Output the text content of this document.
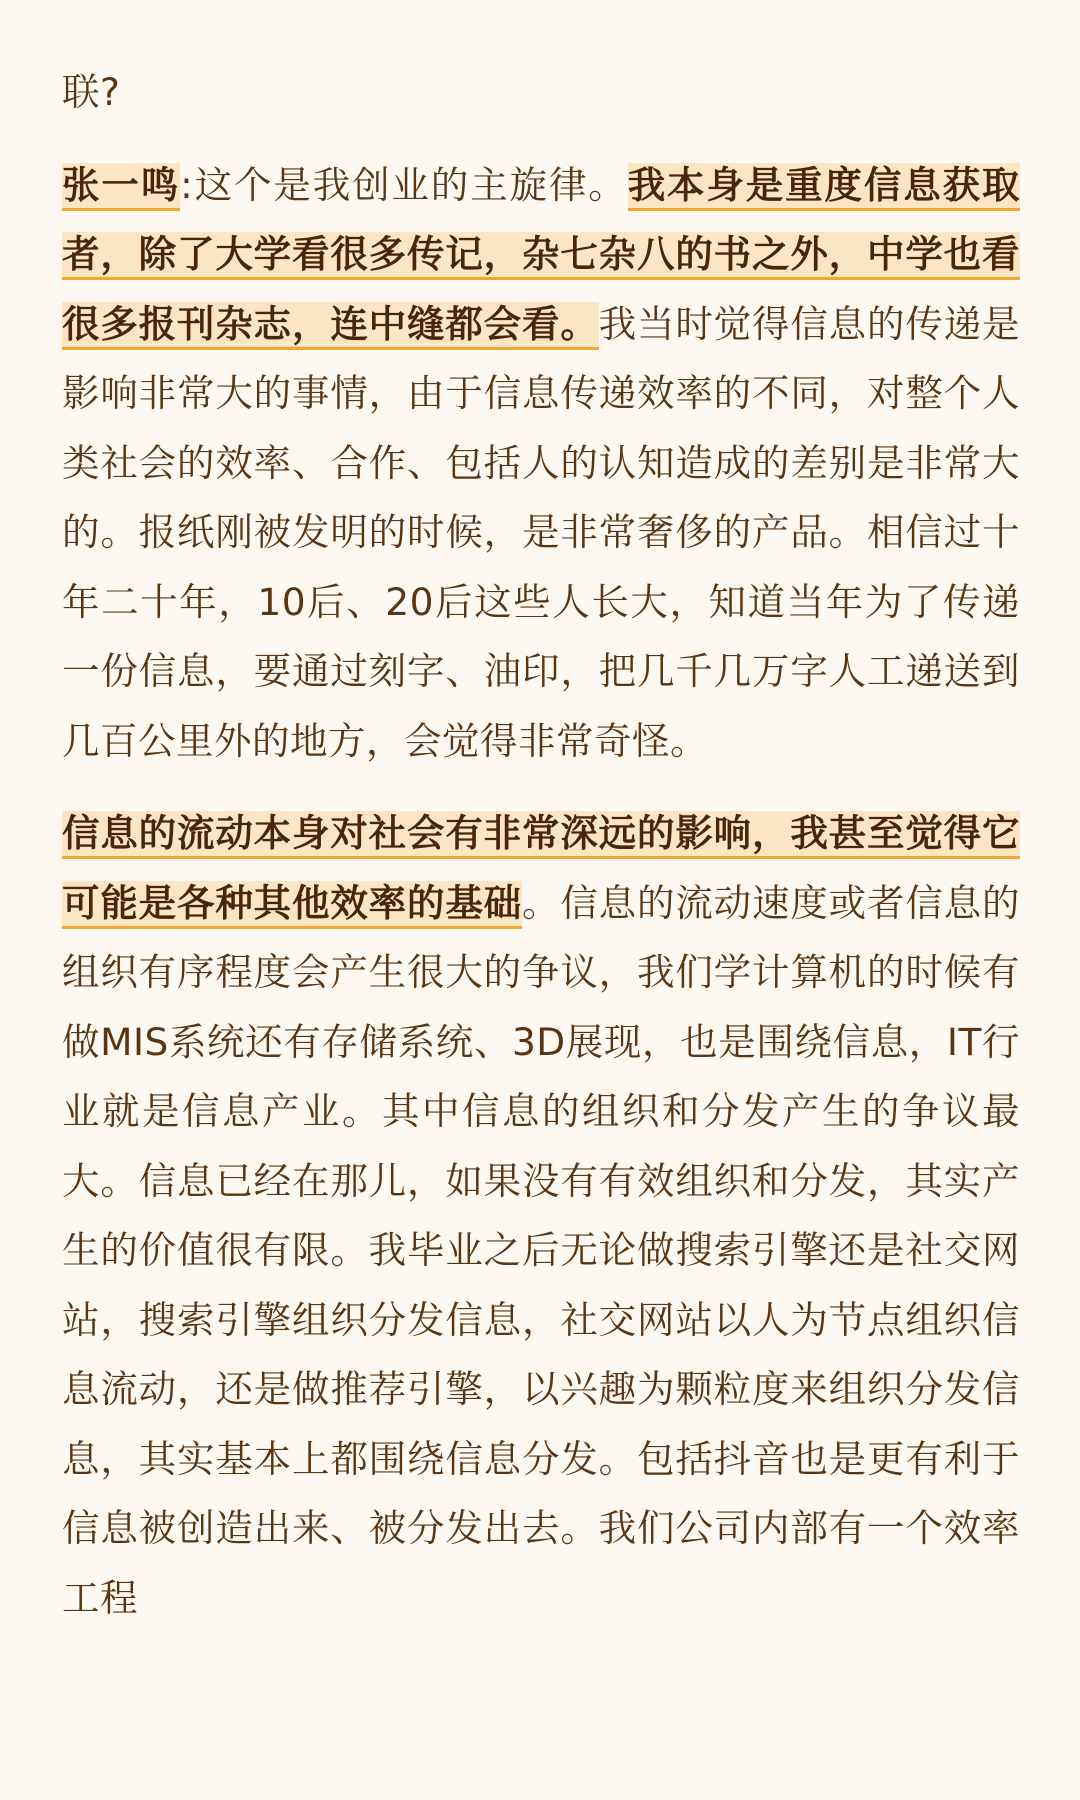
联?

张一鸣:这个是我创业的主旋律。我本身是重度信息获取者，除了大学看很多传记，杂七杂八的书之外，中学也看很多报刊杂志，连中缝都会看。我当时觉得信息的传递是影响非常大的事情，由于信息传递效率的不同，对整个人类社会的效率、合作、包括人的认知造成的差别是非常大的。报纸刚被发明的时候，是非常奢侈的产品。相信过十年二十年，10后、20后这些人长大，知道当年为了传递一份信息，要通过刻字、油印，把几千几万字人工递送到几百公里外的地方，会觉得非常奇怪。

信息的流动本身对社会有非常深远的影响，我甚至觉得它可能是各种其他效率的基础。信息的流动速度或者信息的组织有序程度会产生很大的争议，我们学计算机的时候有做MIS系统还有存储系统、3D展现，也是围绕信息，IT行业就是信息产业。其中信息的组织和分发产生的争议最大。信息已经在那儿，如果没有有效组织和分发，其实产生的价值很有限。我毕业之后无论做搜索引擎还是社交网站，搜索引擎组织分发信息，社交网站以人为节点组织信息流动，还是做推荐引擎，以兴趣为颗粒度来组织分发信息，其实基本上都围绕信息分发。包括抖音也是更有利于信息被创造出来、被分发出去。我们公司内部有一个效率工程
